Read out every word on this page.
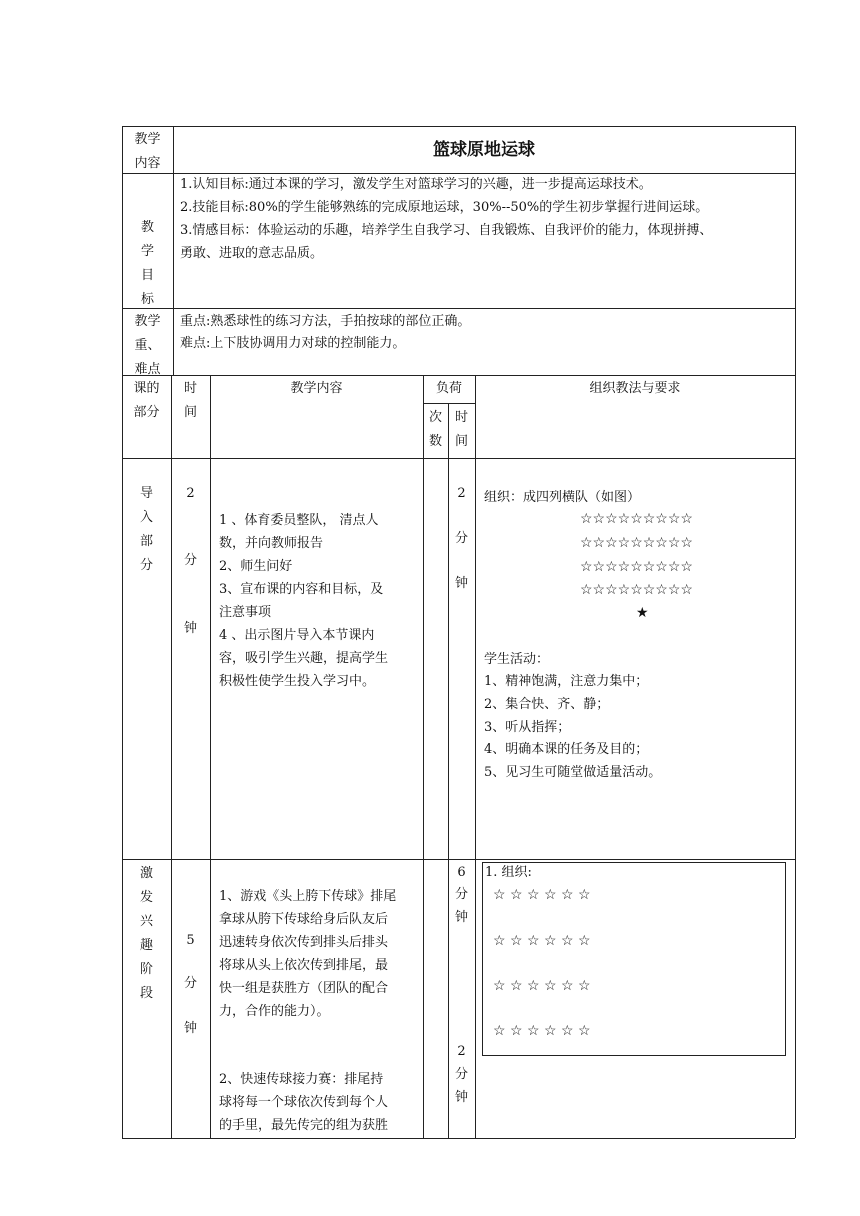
教学
内容
篮球原地运球
教
学
目
标
1.认知目标:通过本课的学习，激发学生对篮球学习的兴趣，进一步提高运球技术。
2.技能目标:80%的学生能够熟练的完成原地运球，30%--50%的学生初步掌握行进间运球。
3.情感目标：体验运动的乐趣，培养学生自我学习、自我锻炼、自我评价的能力，体现拼搏、
勇敢、进取的意志品质。
教学
重、
难点
重点:熟悉球性的练习方法，手拍按球的部位正确。
难点:上下肢协调用力对球的控制能力。
课的
部分
时
间
教学内容	负荷
次
数
时
间
组织教法与要求
导
入
部
分
2
分
钟
1 、体育委员整队， 清点人
数，并向教师报告
2、师生问好
3、宣布课的内容和目标，及
注意事项
4 、出示图片导入本节课内
容，吸引学生兴趣，提高学生
积极性使学生投入学习中。
2
分
钟
组织：成四列横队（如图）
☆☆☆☆☆☆☆☆☆
☆☆☆☆☆☆☆☆☆
☆☆☆☆☆☆☆☆☆
☆☆☆☆☆☆☆☆☆
★
学生活动：
1、精神饱满，注意力集中；
2、集合快、齐、静；
3、听从指挥；
4、明确本课的任务及目的；
5、见习生可随堂做适量活动。
激
发
兴
趣
阶
段
5
分
钟
1、游戏《头上胯下传球》排尾
拿球从胯下传球给身后队友后
迅速转身依次传到排头后排头
将球从头上依次传到排尾，最
快一组是获胜方（团队的配合
力，合作的能力）。
2、快速传球接力赛：排尾持
球将每一个球依次传到每个人
的手里，最先传完的组为获胜
6
分
钟
2
分
钟
1. 组织:
☆ ☆ ☆ ☆ ☆ ☆
☆ ☆ ☆ ☆ ☆ ☆
☆ ☆ ☆ ☆ ☆ ☆
☆ ☆ ☆ ☆ ☆ ☆
